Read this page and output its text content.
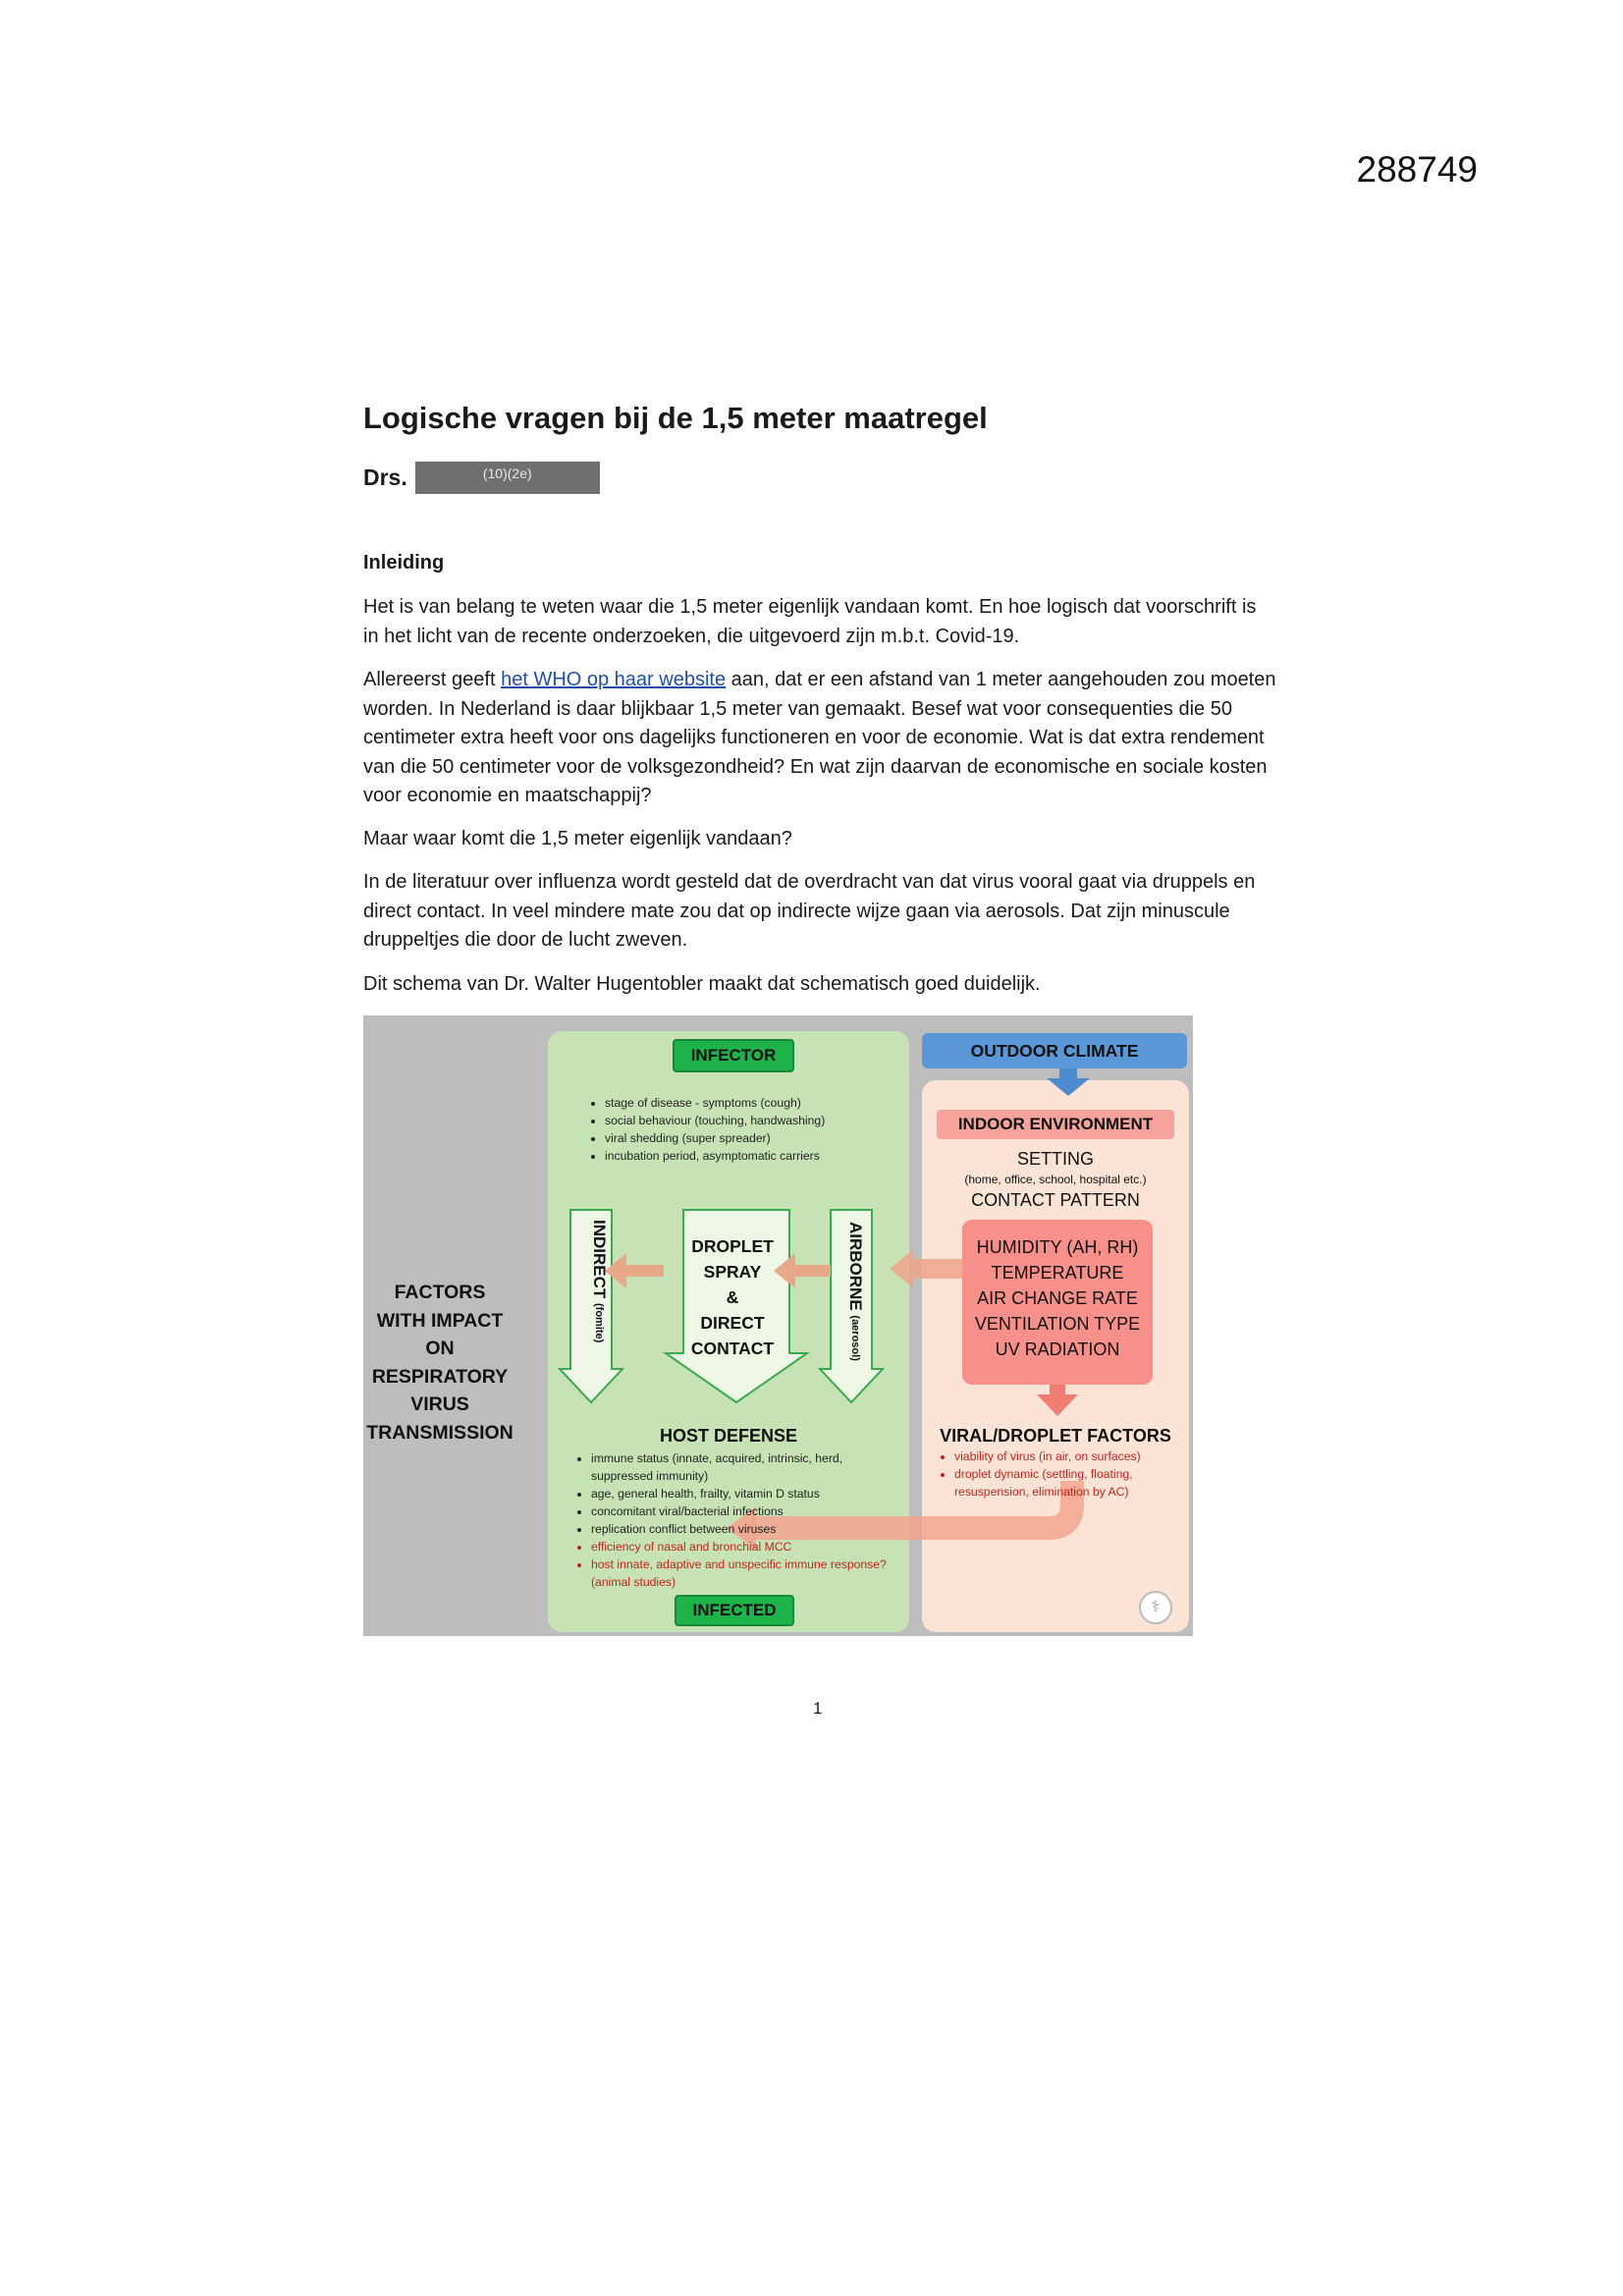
288749
Logische vragen bij de 1,5 meter maatregel
Drs.	(10)(2e)
Inleiding

Het is van belang te weten waar die 1,5 meter eigenlijk vandaan komt. En hoe logisch dat voorschrift is in het licht van de recente onderzoeken, die uitgevoerd zijn m.b.t. Covid-19.

Allereerst geeft het WHO op haar website aan, dat er een afstand van 1 meter aangehouden zou moeten worden. In Nederland is daar blijkbaar 1,5 meter van gemaakt. Besef wat voor consequenties die 50 centimeter extra heeft voor ons dagelijks functioneren en voor de economie. Wat is dat extra rendement van die 50 centimeter voor de volksgezondheid? En wat zijn daarvan de economische en sociale kosten voor economie en maatschappij?

Maar waar komt die 1,5 meter eigenlijk vandaan?

In de literatuur over influenza wordt gesteld dat de overdracht van dat virus vooral gaat via druppels en direct contact. In veel mindere mate zou dat op indirecte wijze gaan via aerosols. Dat zijn minuscule druppeltjes die door de lucht zweven.

Dit schema van Dr. Walter Hugentobler maakt dat schematisch goed duidelijk.

FACTORS
WITH IMPACT
ON
RESPIRATORY
VIRUS
TRANSMISSION
OUTDOOR CLIMATE
INFECTOR
• stage of disease - symptoms (cough)
• social behaviour (touching, handwashing)
• viral shedding (super spreader)
• incubation period, asymptomatic carriers
INDIRECT (fomite)
AIRBORNE (aerosol)
DROPLET
SPRAY
&
DIRECT
CONTACT
INDOOR ENVIRONMENT
SETTING
(home, office, school, hospital etc.)
CONTACT PATTERN
HUMIDITY (AH, RH)
TEMPERATURE
AIR CHANGE RATE
VENTILATION TYPE
UV RADIATION
VIRAL/DROPLET FACTORS
• viability of virus (in air, on surfaces)
• droplet dynamic (settling, floating, resuspension, elimination by AC)
HOST DEFENSE
• immune status (innate, acquired, intrinsic, herd, suppressed immunity)
• age, general health, frailty, vitamin D status
• concomitant viral/bacterial infections
• replication conflict between viruses
• efficiency of nasal and bronchial MCC
• host innate, adaptive and unspecific immune response? (animal studies)
INFECTED	⚕
1
